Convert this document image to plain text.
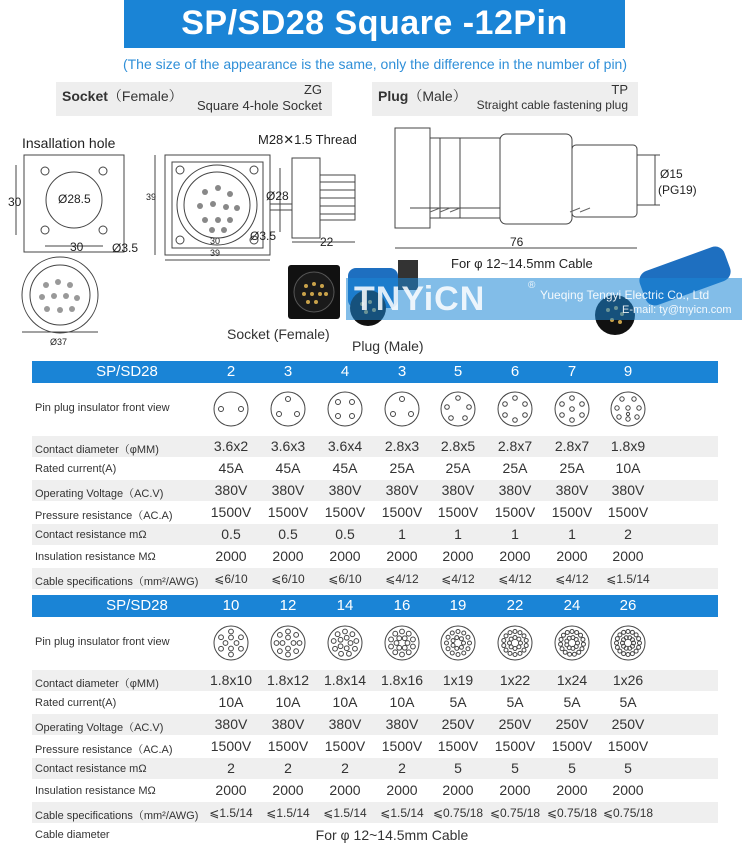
SP/SD28 Square -12Pin
(The size of the appearance is the same, only the difference in the number of pin)
Socket（Female）	ZG
Square 4-hole Socket
Plug（Male）	TP
Straight cable fastening plug
Insallation hole
Ø28.5
30
30 Ø3.5
39
30
39
Ø3.5
M28✕1.5 Thread
Ø28
22
Ø15
(PG19)
76
For φ 12~14.5mm Cable
Ø37
TNYiCN	®
Yueqing Tengyi Electric Co., Ltd
E-mail: ty@tnyicn.com
Socket (Female)
Plug (Male)
SP/SD28	2	3	4	3	5	6	7	9
Pin plug insulator front view
Contact diameter（φMM)	3.6x2 3.6x3 3.6x4 2.8x3 2.8x5 2.8x7 2.8x7 1.8x9
Rated current(A)	45A 45A 45A 25A 25A 25A 25A 10A
Operating Voltage（AC.V)	380V 380V 380V 380V 380V 380V 380V 380V
Pressure resistance（AC.A)	1500V 1500V 1500V 1500V 1500V 1500V 1500V 1500V
Contact resistance mΩ	0.5	0.5	0.5	1	1	1	1	2
Insulation resistance MΩ	2000 2000 2000 2000 2000 2000 2000 2000
Cable specifications（mm²/AWG) ⩽6/10 ⩽6/10 ⩽6/10 ⩽4/12 ⩽4/12 ⩽4/12 ⩽4/12 ⩽1.5/14
SP/SD28	10	12	14	16	19	22	24	26
Pin plug insulator front view
Contact diameter（φMM)	1.8x10 1.8x12 1.8x14 1.8x16 1x19 1x22 1x24 1x26
Rated current(A)	10A 10A 10A 10A 5A	5A	5A	5A
Operating Voltage（AC.V)	380V 380V 380V 380V 250V 250V 250V 250V
Pressure resistance（AC.A)	1500V 1500V 1500V 1500V 1500V 1500V 1500V 1500V
Contact resistance mΩ	2	2	2	2	5	5	5	5
Insulation resistance MΩ	2000 2000 2000 2000 2000 2000 2000 2000
Cable specifications（mm²/AWG) ⩽1.5/14 ⩽1.5/14 ⩽1.5/14 ⩽1.5/14 ⩽0.75/18 ⩽0.75/18 ⩽0.75/18 ⩽0.75/18
Cable diameter	For φ 12~14.5mm Cable
